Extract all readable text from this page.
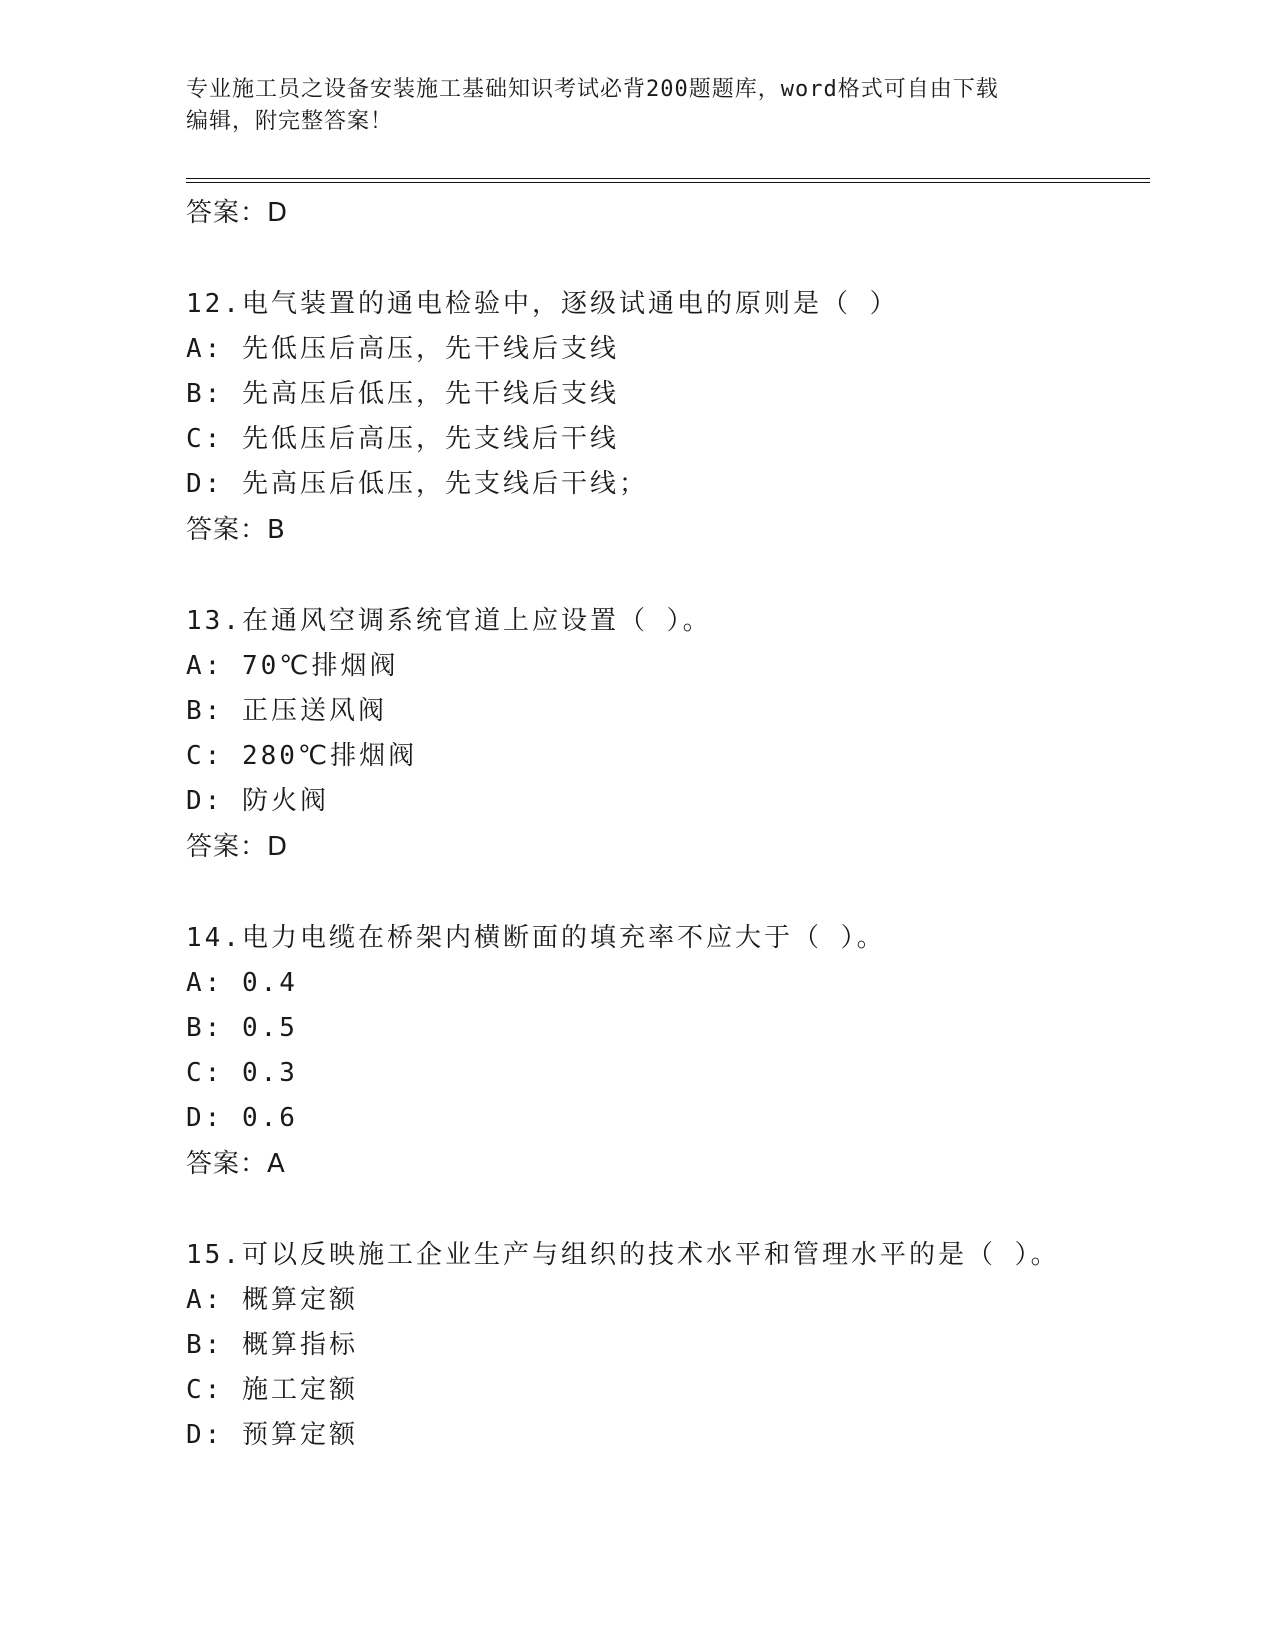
专业施工员之设备安装施工基础知识考试必背200题题库，word格式可自由下载
编辑，附完整答案！
答案：D
12.电气装置的通电检验中，逐级试通电的原则是（ ）
A: 先低压后高压，先干线后支线
B: 先高压后低压，先干线后支线
C: 先低压后高压，先支线后干线
D: 先高压后低压，先支线后干线；
答案：B
13.在通风空调系统官道上应设置（ ）。
A: 70℃排烟阀
B: 正压送风阀
C: 280℃排烟阀
D: 防火阀
答案：D
14.电力电缆在桥架内横断面的填充率不应大于（ ）。
A: 0.4
B: 0.5
C: 0.3
D: 0.6
答案：A
15.可以反映施工企业生产与组织的技术水平和管理水平的是（ ）。
A: 概算定额
B: 概算指标
C: 施工定额
D: 预算定额
